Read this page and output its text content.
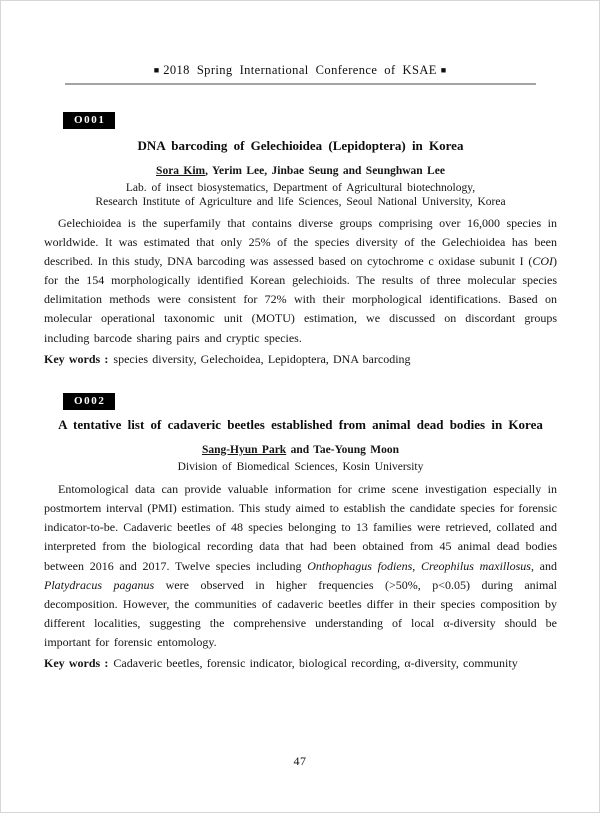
■ 2018 Spring International Conference of KSAE ■
O001
DNA barcoding of Gelechioidea (Lepidoptera) in Korea
Sora Kim, Yerim Lee, Jinbae Seung and Seunghwan Lee
Lab. of insect biosystematics, Department of Agricultural biotechnology,
Research Institute of Agriculture and life Sciences, Seoul National University, Korea

Gelechioidea is the superfamily that contains diverse groups comprising over 16,000 species in worldwide. It was estimated that only 25% of the species diversity of the Gelechioidea has been described. In this study, DNA barcoding was assessed based on cytochrome c oxidase subunit I (COI) for the 154 morphologically identified Korean gelechioids. The results of three molecular species delimitation methods were consistent for 72% with their morphological identifications. Based on molecular operational taxonomic unit (MOTU) estimation, we discussed on discordant groups including barcode sharing pairs and cryptic species.

Key words : species diversity, Gelechoidea, Lepidoptera, DNA barcoding
O002
A tentative list of cadaveric beetles established from animal dead bodies in Korea
Sang-Hyun Park and Tae-Young Moon
Division of Biomedical Sciences, Kosin University

Entomological data can provide valuable information for crime scene investigation especially in postmortem interval (PMI) estimation. This study aimed to establish the candidate species for forensic indicator-to-be. Cadaveric beetles of 48 species belonging to 13 families were retrieved, collated and interpreted from the biological recording data that had been obtained from 45 animal dead bodies between 2016 and 2017. Twelve species including Onthophagus fodiens, Creophilus maxillosus, and Platydracus paganus were observed in higher frequencies (>50%, p<0.05) during animal decomposition. However, the communities of cadaveric beetles differ in their species composition by different localities, suggesting the comprehensive understanding of local α-diversity should be important for forensic entomology.

Key words : Cadaveric beetles, forensic indicator, biological recording, α-diversity, community
47
